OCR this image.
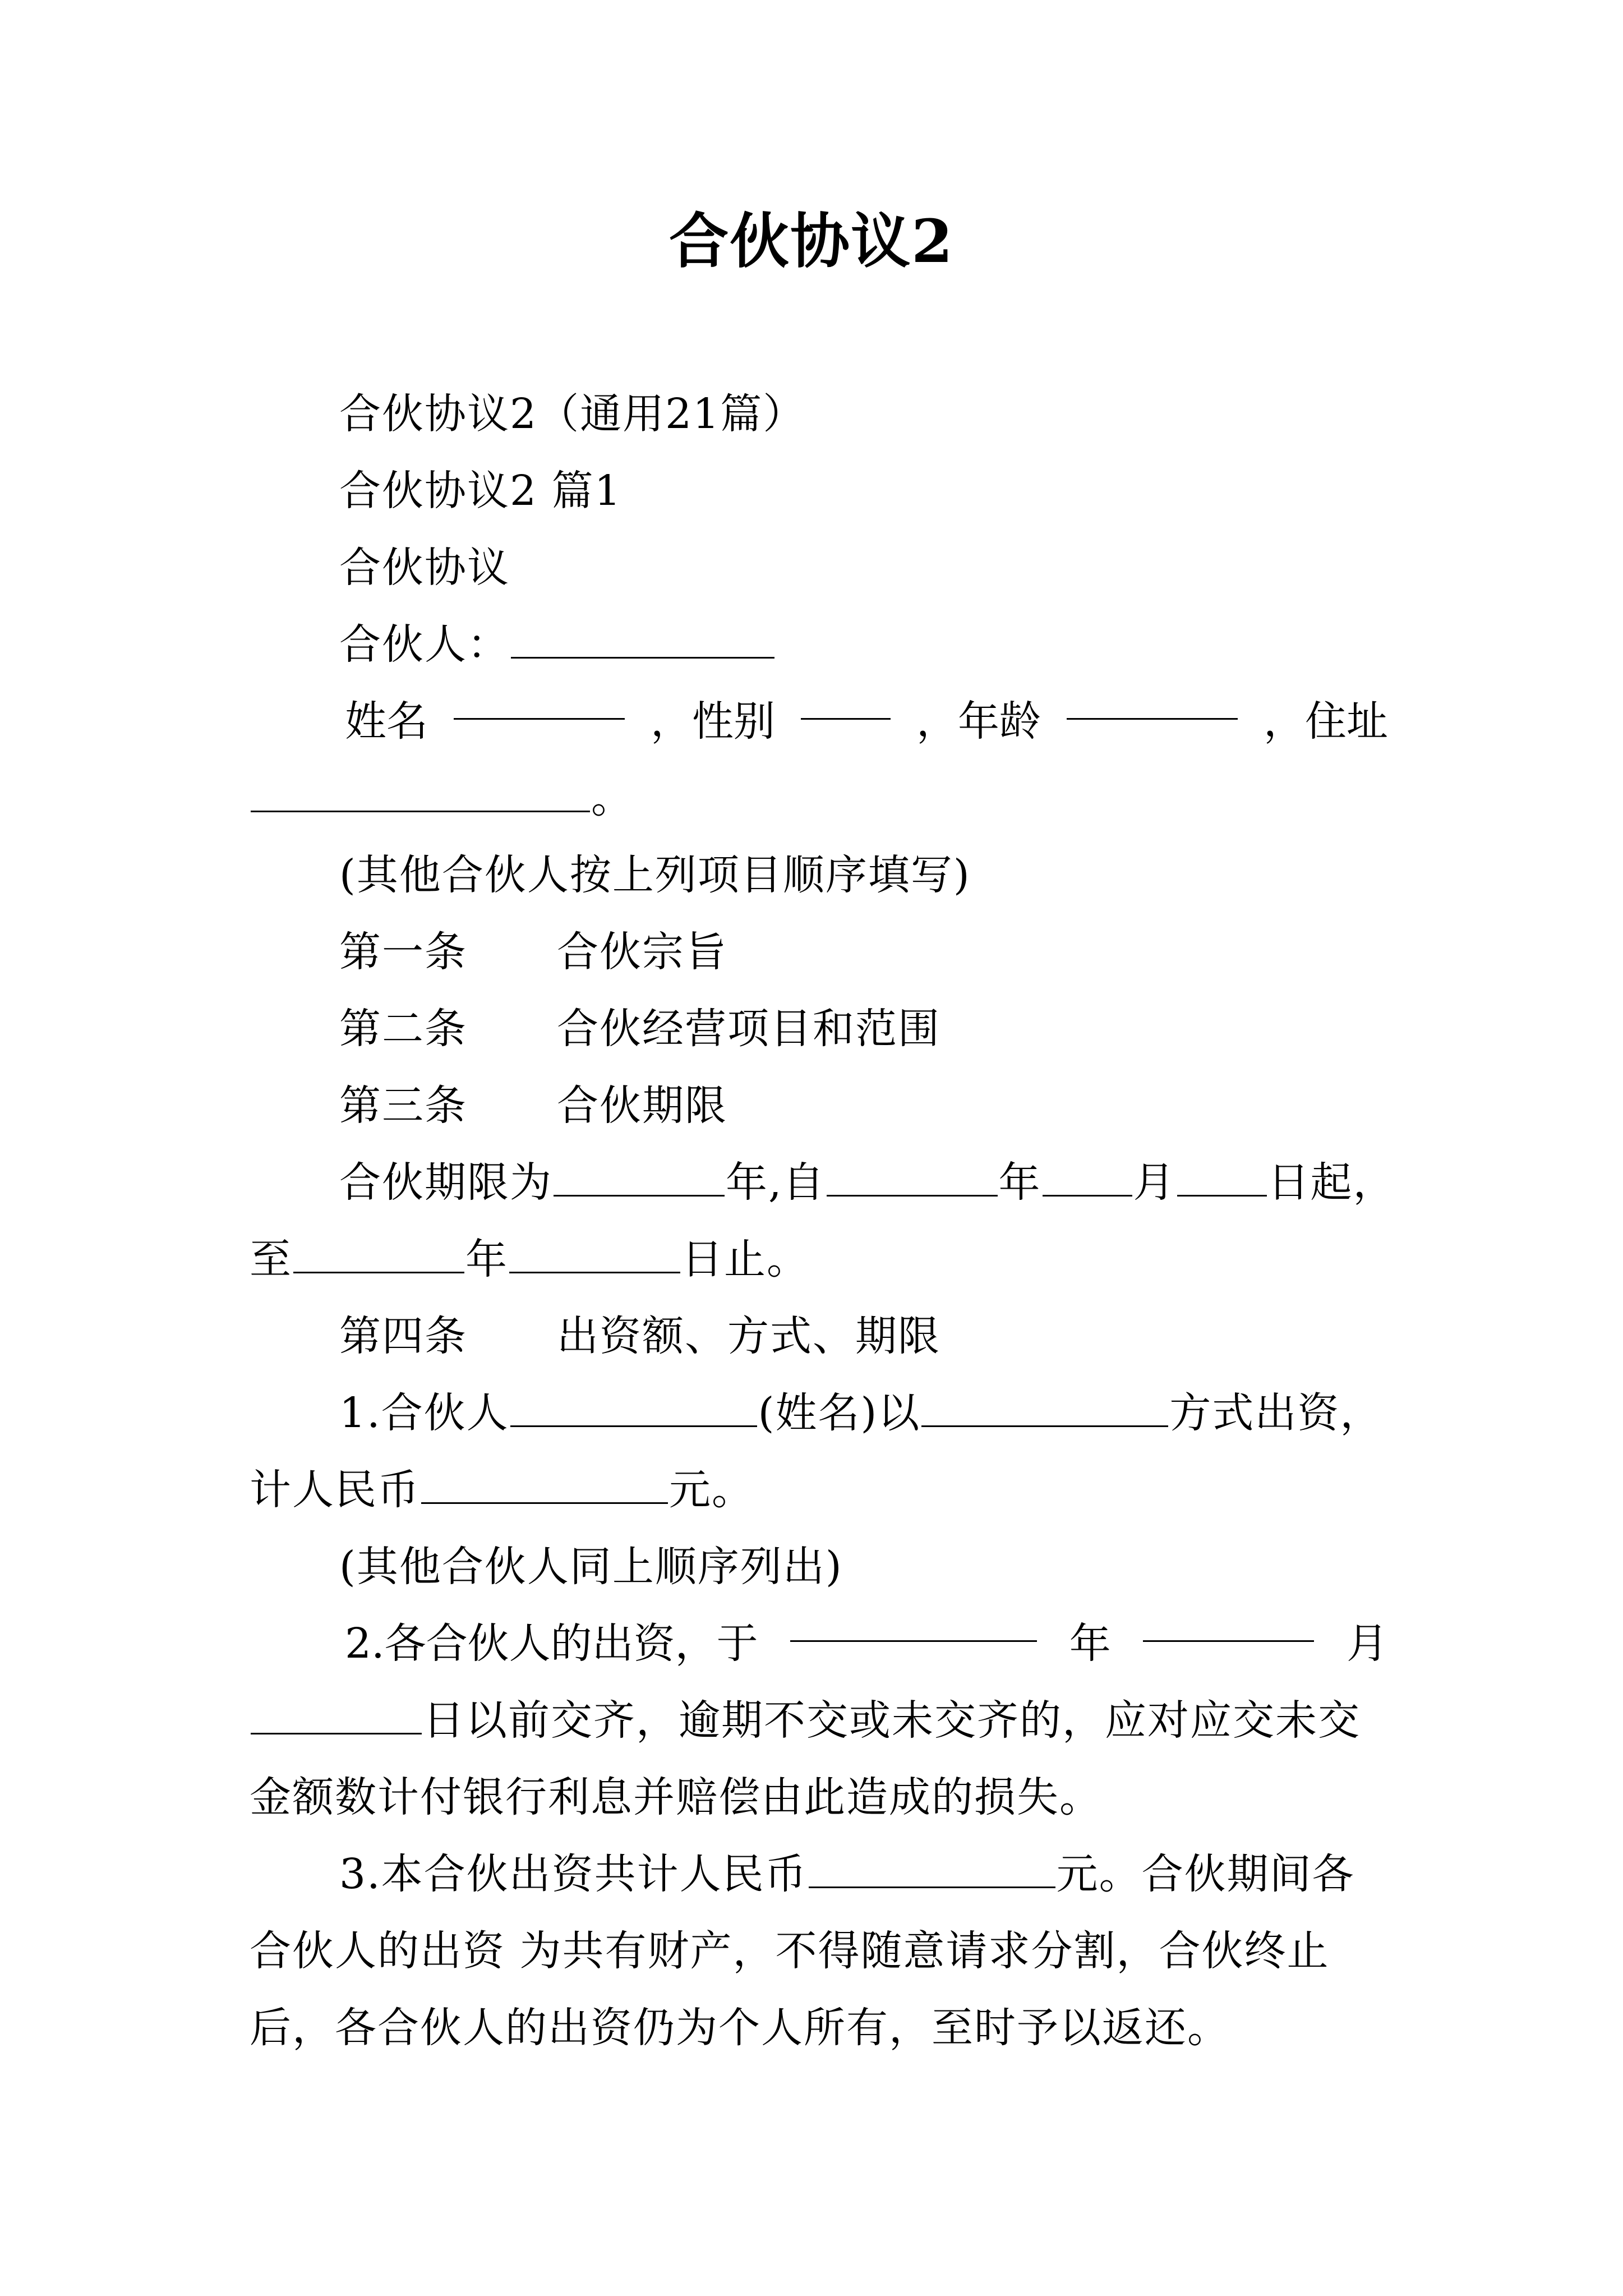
合伙协议2

合伙协议2（通用21篇）

合伙协议2 篇1

合伙协议

合伙人：

姓名	，性别	，年龄	，住址

。

(其他合伙人按上列项目顺序填写)

第一条 合伙宗旨

第二条 合伙经营项目和范围

第三条 合伙期限

合伙期限为	年,自	年 月 日起，

至	年	日止。

第四条 出资额、方式、期限

1.合伙人	(姓名)以	方式出资，

计人民币	元。

(其他合伙人同上顺序列出)

2.各合伙人的出资，于	年	月

日以前交齐，逾期不交或未交齐的，应对应交未交

金额数计付银行利息并赔偿由此造成的损失。

3.本合伙出资共计人民币	元。合伙期间各

合伙人的出资 为共有财产，不得随意请求分割，合伙终止

后，各合伙人的出资仍为个人所有，至时予以返还。
